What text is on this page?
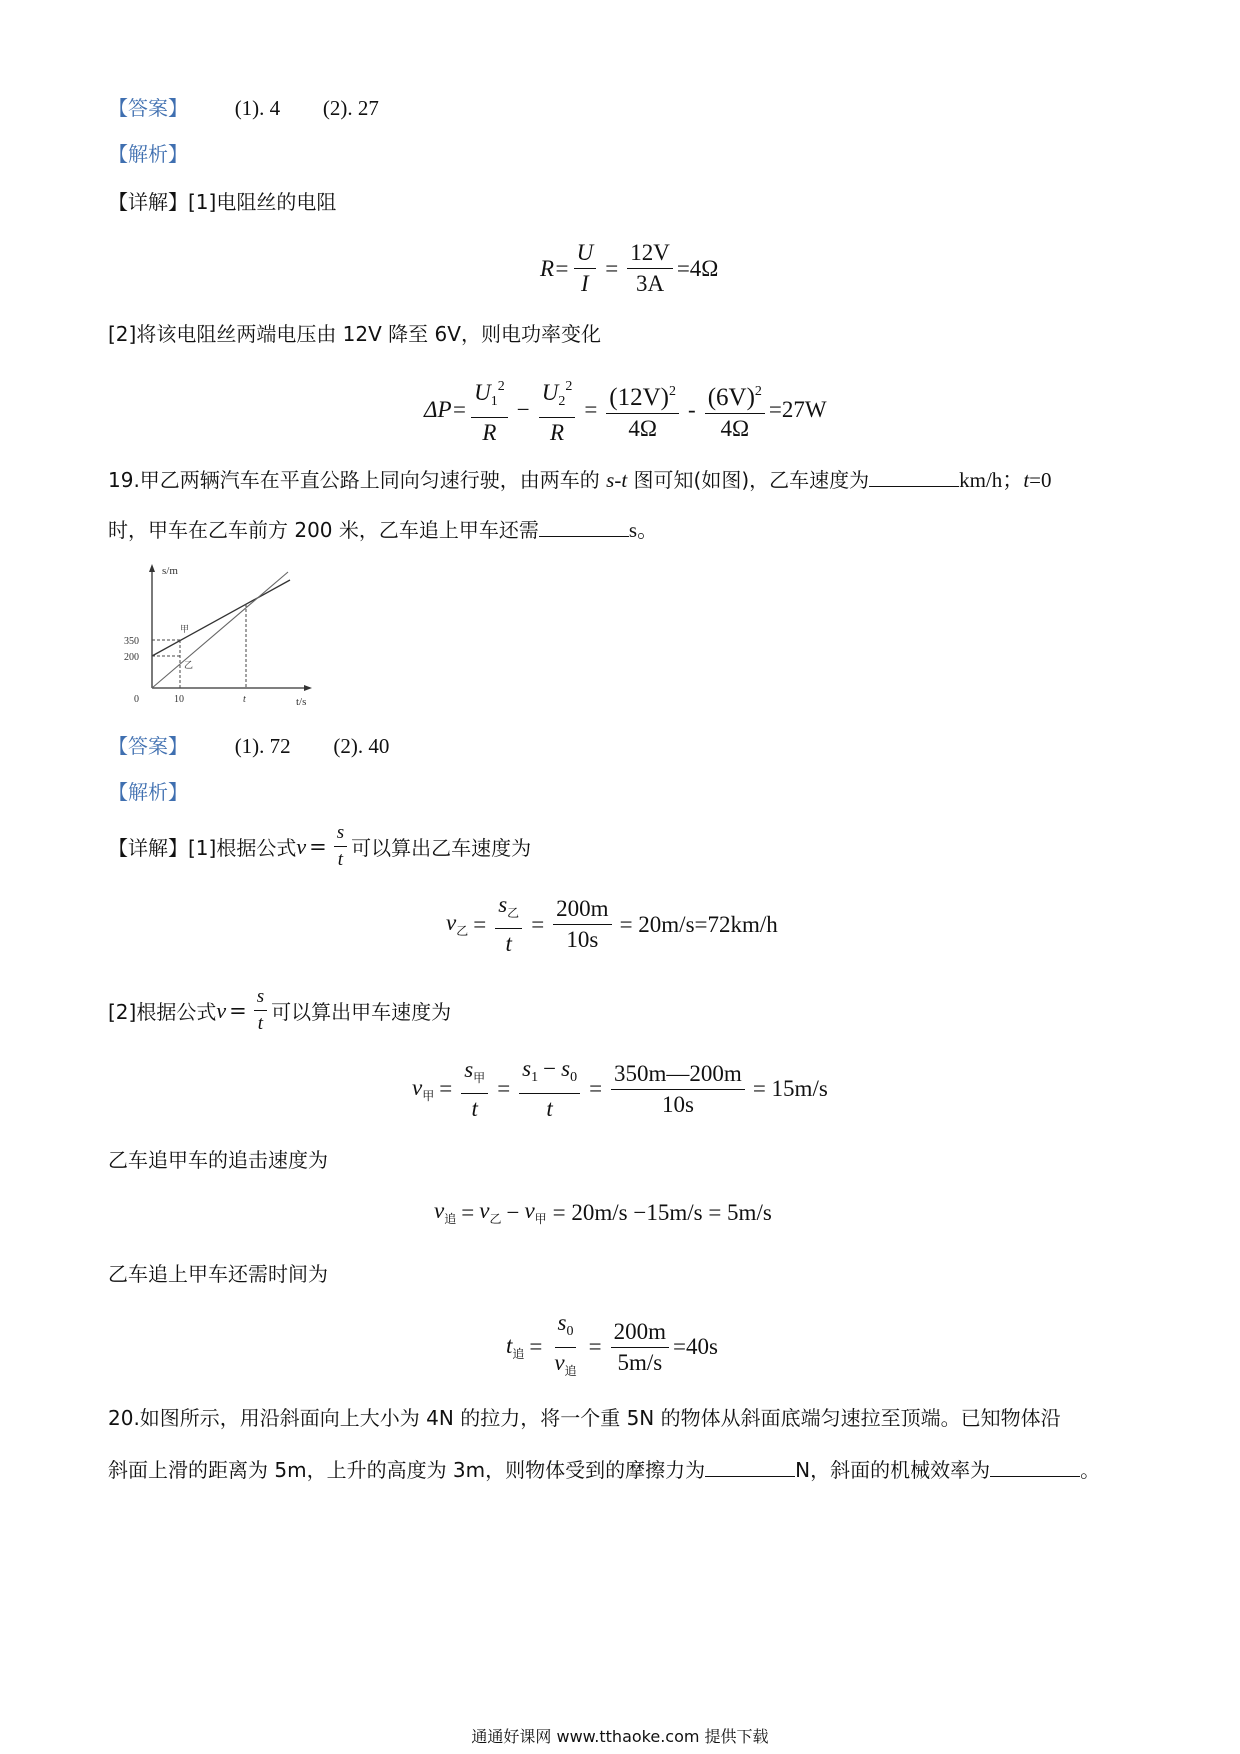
【答案】 (1). 4 (2). 27
【解析】
【详解】[1]电阻丝的电阻
$R= \frac{U}{I} = \frac{12V}{3A} =4\Omega$
[2]将该电阻丝两端电压由 12V 降至 6V，则电功率变化
$\Delta P= \frac{U_1^2}{R} - \frac{U_2^2}{R} = \frac{(12V)^2}{4\Omega} - \frac{(6V)^2}{4\Omega} =27W$
19.甲乙两辆汽车在平直公路上同向匀速行驶，由两车的 s-t 图可知(如图)，乙车速度为	km/h；t=0
时，甲车在乙车前方 200 米，乙车追上甲车还需	s。
s/m
t/s
350
200
0	10	t
甲
乙
【答案】 (1). 72 (2). 40
【解析】
【详解】 [1]根据公式 $v = \frac{s}{t}$ 可以算出乙车速度为
$v_乙 = \frac{s_乙}{t} = \frac{200m}{10s} = 20m/s=72km/h$
[2]根据公式 $v = \frac{s}{t}$ 可以算出甲车速度为
$v_甲 = \frac{s_甲}{t} = \frac{s_1 - s_0}{t} = \frac{350m—200m}{10s} = 15m/s$
乙车追甲车的追击速度为
$v_追 = v_乙 - v_甲 = 20m/s -15m/s = 5m/s$
乙车追上甲车还需时间为
$t_追 = \frac{s_0}{v_追} = \frac{200m}{5m/s} =40s$
20.如图所示，用沿斜面向上大小为 4N 的拉力，将一个重 5N 的物体从斜面底端匀速拉至顶端。已知物体沿
斜面上滑的距离为 5m，上升的高度为 3m，则物体受到的摩擦力为	N，斜面的机械效率为	。
通通好课网 www.tthaoke.com 提供下载
